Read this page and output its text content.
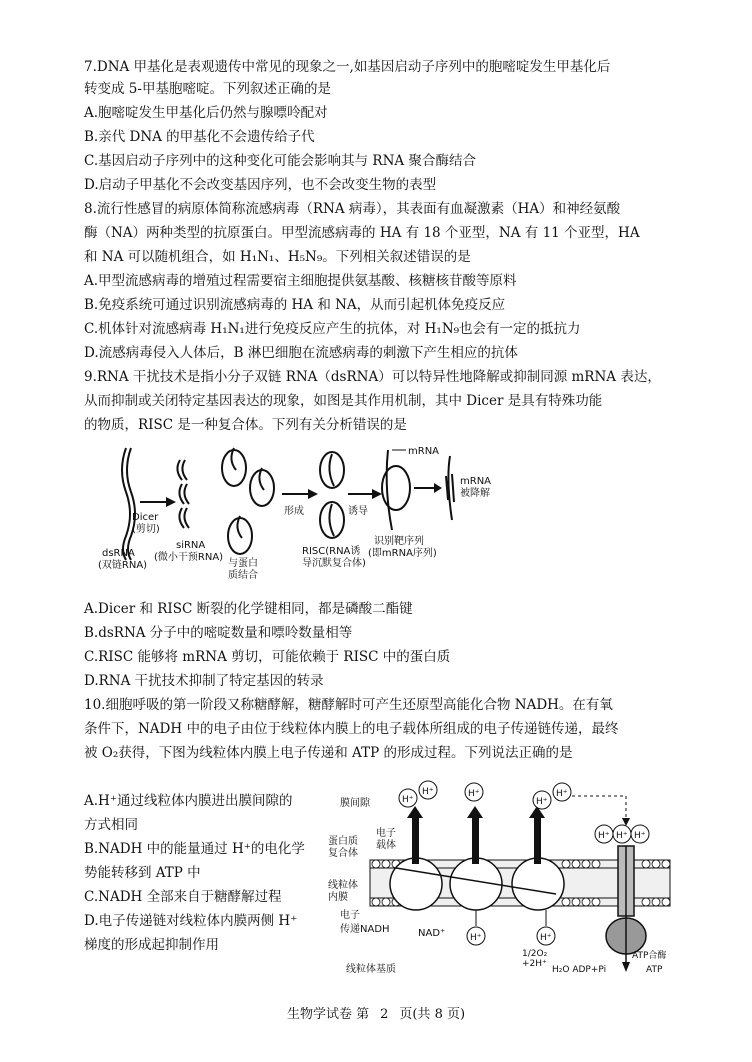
7.DNA 甲基化是表观遗传中常见的现象之一,如基因启动子序列中的胞嘧啶发生甲基化后
转变成 5-甲基胞嘧啶。下列叙述正确的是
A.胞嘧啶发生甲基化后仍然与腺嘌呤配对
B.亲代 DNA 的甲基化不会遗传给子代
C.基因启动子序列中的这种变化可能会影响其与 RNA 聚合酶结合
D.启动子甲基化不会改变基因序列，也不会改变生物的表型
8.流行性感冒的病原体简称流感病毒（RNA 病毒），其表面有血凝激素（HA）和神经氨酸
酶（NA）两种类型的抗原蛋白。甲型流感病毒的 HA 有 18 个亚型，NA 有 11 个亚型，HA
和 NA 可以随机组合，如 H₁N₁、H₅N₉。下列相关叙述错误的是
A.甲型流感病毒的增殖过程需要宿主细胞提供氨基酸、核糖核苷酸等原料
B.免疫系统可通过识别流感病毒的 HA 和 NA，从而引起机体免疫反应
C.机体针对流感病毒 H₁N₁进行免疫反应产生的抗体，对 H₁N₉也会有一定的抵抗力
D.流感病毒侵入人体后，B 淋巴细胞在流感病毒的刺激下产生相应的抗体
9.RNA 干扰技术是指小分子双链 RNA（dsRNA）可以特异性地降解或抑制同源 mRNA 表达，
从而抑制或关闭特定基因表达的现象，如图是其作用机制，其中 Dicer 是具有特殊功能
的物质，RISC 是一种复合体。下列有关分析错误的是
Dicer
(剪切)
dsRNA
(双链RNA)
siRNA
(微小干预RNA)
与蛋白
质结合
形成
RISC(RNA诱
导沉默复合体)
诱导
mRNA
识别靶序列
(即mRNA序列)
mRNA
被降解
A.Dicer 和 RISC 断裂的化学键相同，都是磷酸二酯键
B.dsRNA 分子中的嘧啶数量和嘌呤数量相等
C.RISC 能够将 mRNA 剪切，可能依赖于 RISC 中的蛋白质
D.RNA 干扰技术抑制了特定基因的转录
10.细胞呼吸的第一阶段又称糖酵解，糖酵解时可产生还原型高能化合物 NADH。在有氧
条件下，NADH 中的电子由位于线粒体内膜上的电子载体所组成的电子传递链传递，最终
被 O₂获得，下图为线粒体内膜上电子传递和 ATP 的形成过程。下列说法正确的是
A.H⁺通过线粒体内膜进出膜间隙的
方式相同
B.NADH 中的能量通过 H⁺的电化学
势能转移到 ATP 中
C.NADH 全部来自于糖酵解过程
D.电子传递链对线粒体内膜两侧 H⁺
梯度的形成起抑制作用
H⁺
H⁺	H⁺
H⁺
H⁺
H⁺ H⁺ H⁺
H⁺	H⁺
膜间隙
电子
载体
蛋白质
复合体
线粒体
内膜
电子
传递NADH	NAD⁺
1/2O₂
+2H⁺
H₂O ADP+Pi	ATP
ATP合酶
线粒体基质
生物学试卷 第 2 页(共 8 页)
